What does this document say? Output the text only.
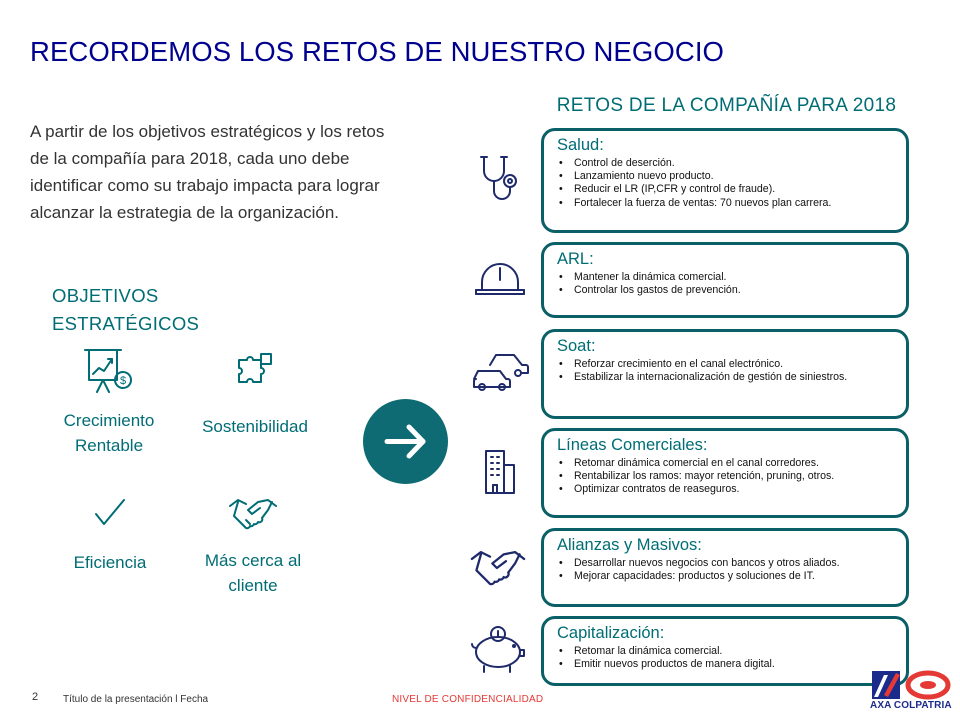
RECORDEMOS LOS RETOS DE NUESTRO NEGOCIO
A partir de los objetivos estratégicos y los retos de la compañía para 2018, cada uno debe identificar como su trabajo impacta para lograr alcanzar la estrategia de la organización.
OBJETIVOS ESTRATÉGICOS
$
Crecimiento Rentable
Sostenibilidad
Eficiencia	Más cerca al cliente
RETOS DE LA COMPAÑÍA PARA 2018
Salud:
• Control de deserción.
• Lanzamiento nuevo producto.
• Reducir el LR (IP,CFR y control de fraude).
• Fortalecer la fuerza de ventas: 70 nuevos plan carrera.
ARL:
• Mantener la dinámica comercial.
• Controlar los gastos de prevención.
Soat:
• Reforzar crecimiento en el canal electrónico.
• Estabilizar la internacionalización de gestión de siniestros.
Líneas Comerciales:
• Retomar dinámica comercial en el canal corredores.
• Rentabilizar los ramos: mayor retención, pruning, otros.
• Optimizar contratos de reaseguros.
Alianzas y Masivos:
• Desarrollar nuevos negocios con bancos y otros aliados.
• Mejorar capacidades: productos y soluciones de IT.
Capitalización:
• Retomar la dinámica comercial.
• Emitir nuevos productos de manera digital.
2 Título de la presentación l Fecha	NIVEL DE CONFIDENCIALIDAD
AXA COLPATRIA
